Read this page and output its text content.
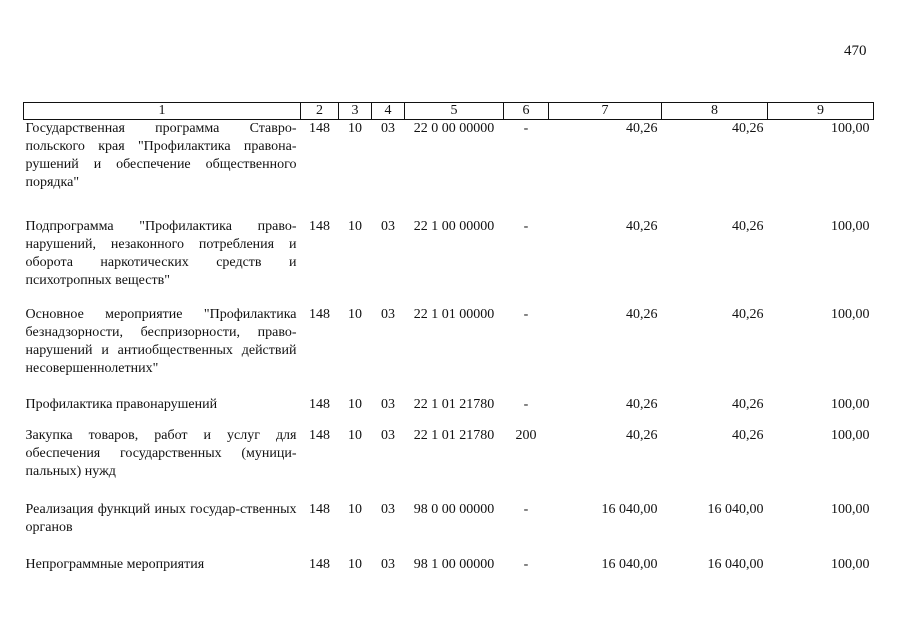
470
1	2	3	4	5	6	7	8	9
Государственная программа Ставро-польского края "Профилактика правона-рушений и обеспечение общественного порядка"	148	10	03	22 0 00 00000	-	40,26	40,26	100,00
Подпрограмма "Профилактика право-нарушений, незаконного потребления и оборота наркотических средств и психотропных веществ"	148	10	03	22 1 00 00000	-	40,26	40,26	100,00
Основное мероприятие "Профилактика безнадзорности, беспризорности, право-нарушений и антиобщественных действий несовершеннолетних"	148	10	03	22 1 01 00000	-	40,26	40,26	100,00
Профилактика правонарушений	148	10	03	22 1 01 21780	-	40,26	40,26	100,00
Закупка товаров, работ и услуг для обеспечения государственных (муници-пальных) нужд	148	10	03	22 1 01 21780	200	40,26	40,26	100,00
Реализация функций иных государ-ственных органов	148	10	03	98 0 00 00000	-	16 040,00	16 040,00	100,00
Непрограммные мероприятия	148	10	03	98 1 00 00000	-	16 040,00	16 040,00	100,00
